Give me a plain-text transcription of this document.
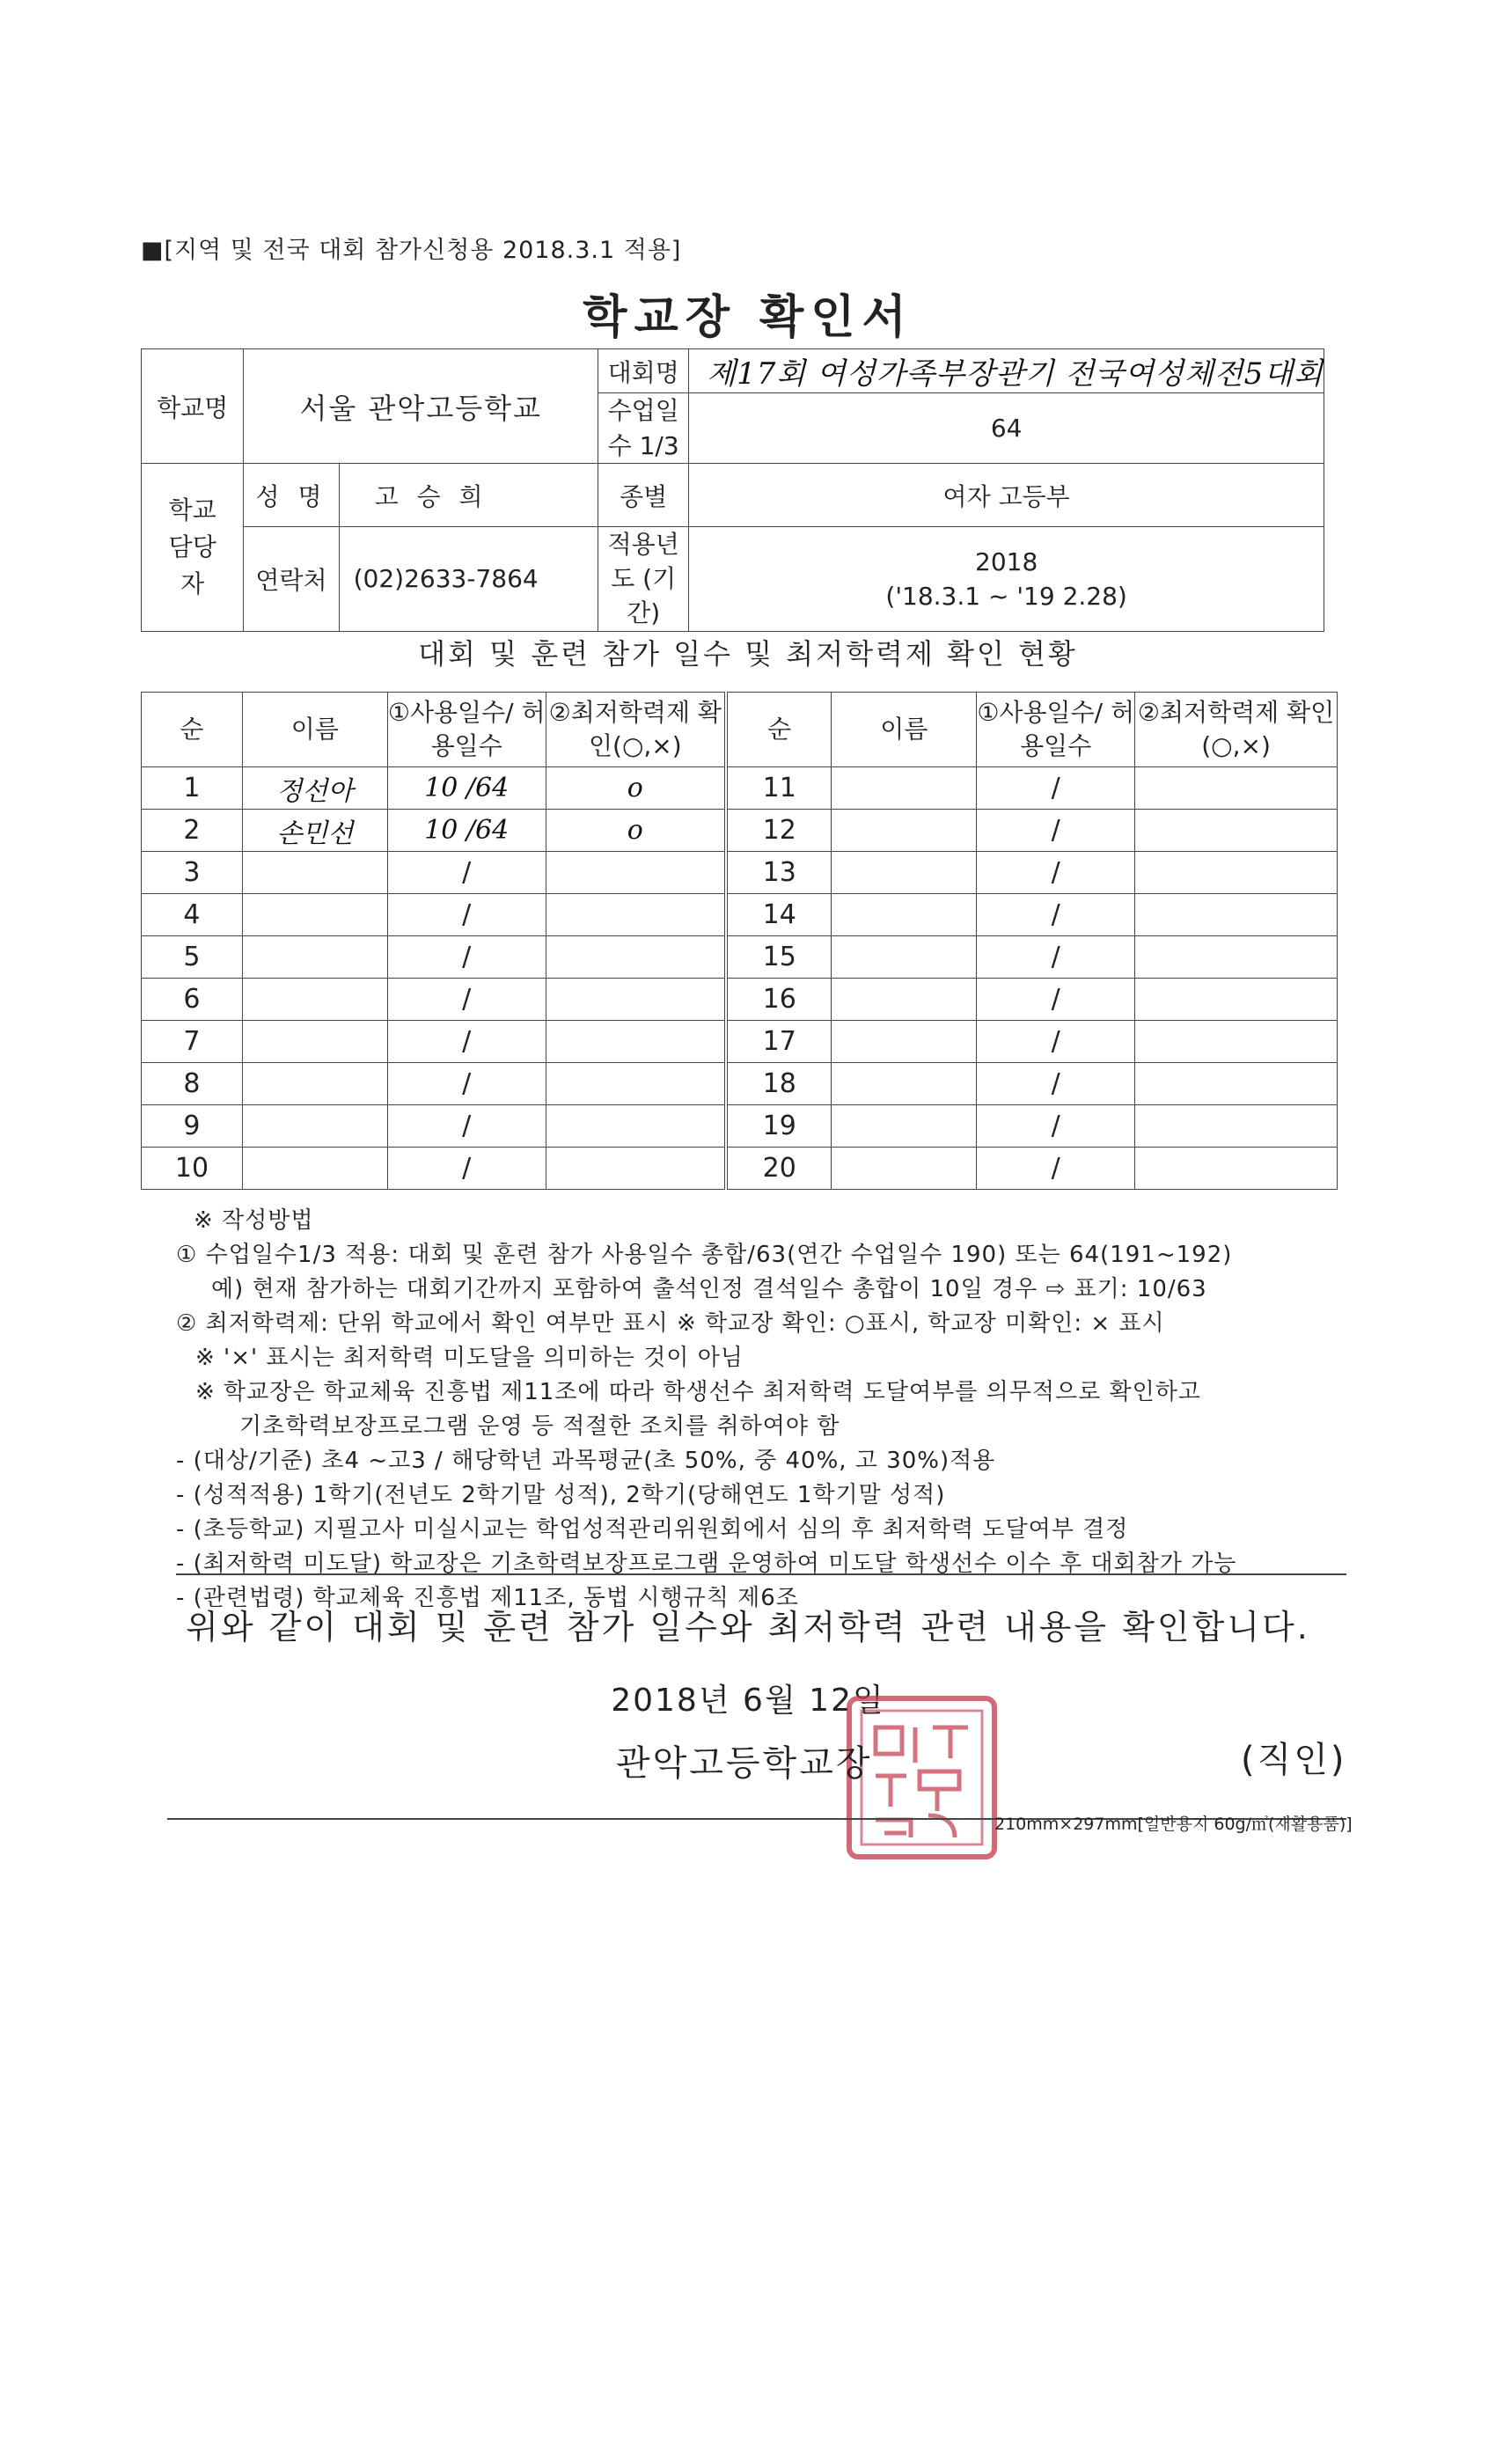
■[지역 및 전국 대회 참가신청용 2018.3.1 적용]
학교장 확인서
학교명	서울 관악고등학교		대회명	제17회 여성가족부장관기 전국여성체전5대회
			수업일수 1/3	64
학교 담당자	성 명	고 승 희	종별	여자 고등부
	연락처	(02)2633-7864	적용년도 (기간)	2018
('18.3.1 ~ '19 2.28)
대회 및 훈련 참가 일수 및 최저학력제 확인 현황
순	이름	①사용일수/ 허용일수	②최저학력제 확인(○,×)	순	이름	①사용일수/ 허용일수	②최저학력제 확인(○,×)
1	정선아	10 /64	o	11		/	
2	손민선	10 /64	o	12		/	
3		/		13		/	
4		/		14		/	
5		/		15		/	
6		/		16		/	
7		/		17		/	
8		/		18		/	
9		/		19		/	
10		/		20		/	
※ 작성방법
① 수업일수1/3 적용: 대회 및 훈련 참가 사용일수 총합/63(연간 수업일수 190) 또는 64(191~192)
예) 현재 참가하는 대회기간까지 포함하여 출석인정 결석일수 총합이 10일 경우 ⇨ 표기: 10/63
② 최저학력제: 단위 학교에서 확인 여부만 표시 ※ 학교장 확인: ○표시, 학교장 미확인: × 표시
※ '×' 표시는 최저학력 미도달을 의미하는 것이 아님
※ 학교장은 학교체육 진흥법 제11조에 따라 학생선수 최저학력 도달여부를 의무적으로 확인하고
기초학력보장프로그램 운영 등 적절한 조치를 취하여야 함
- (대상/기준) 초4 ~고3 / 해당학년 과목평균(초 50%, 중 40%, 고 30%)적용
- (성적적용) 1학기(전년도 2학기말 성적), 2학기(당해연도 1학기말 성적)
- (초등학교) 지필고사 미실시교는 학업성적관리위원회에서 심의 후 최저학력 도달여부 결정
- (최저학력 미도달) 학교장은 기초학력보장프로그램 운영하여 미도달 학생선수 이수 후 대회참가 가능
- (관련법령) 학교체육 진흥법 제11조, 동법 시행규칙 제6조
위와 같이 대회 및 훈련 참가 일수와 최저학력 관련 내용을 확인합니다.
2018년 6월 12일
관악고등학교장	(직인)
210mm×297mm[일반용지 60g/㎡(재활용품)]
